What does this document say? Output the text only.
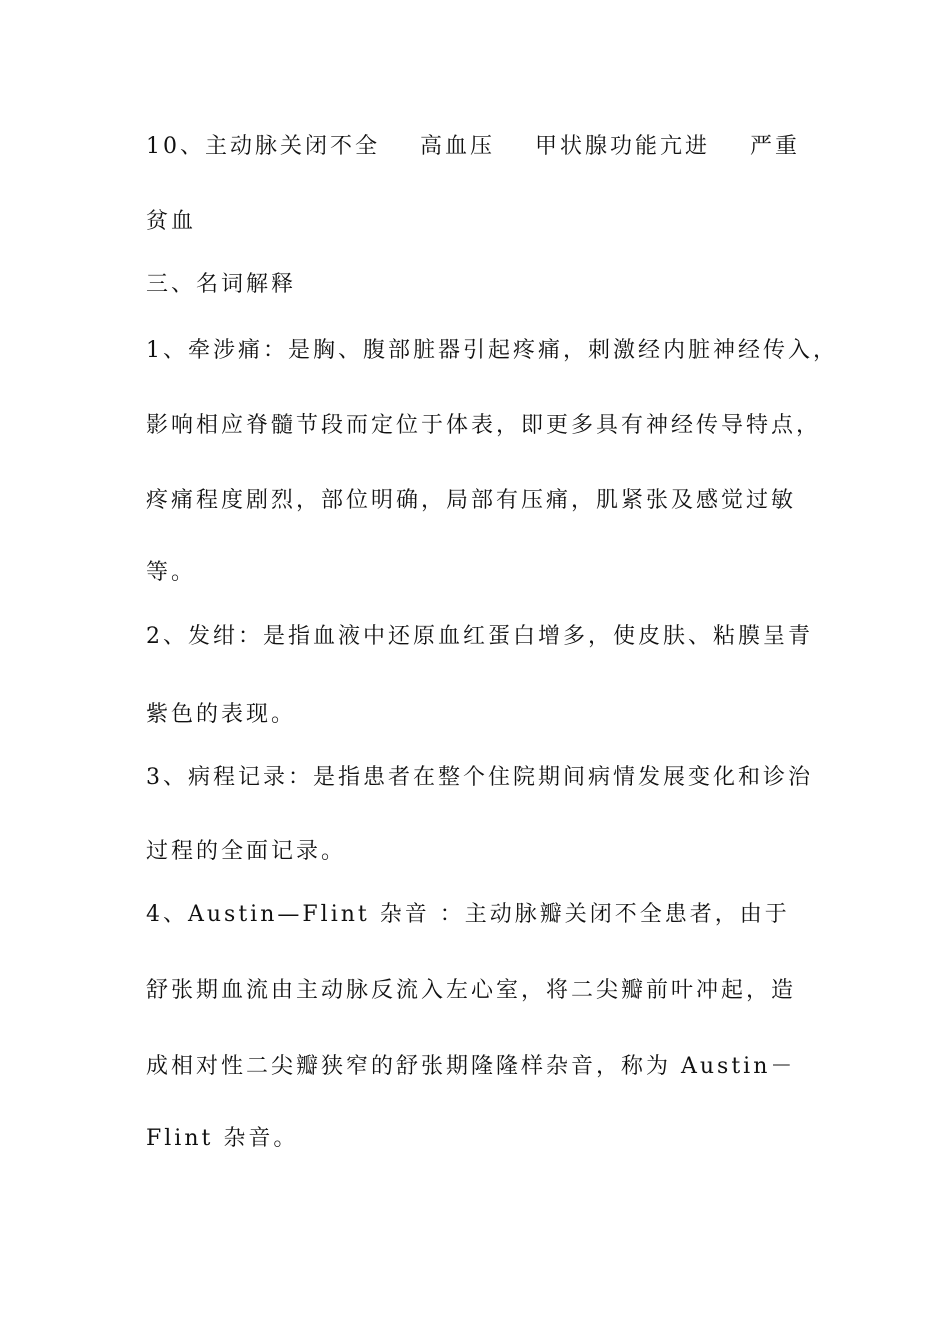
10、主动脉关闭不全 高血压 甲状腺功能亢进 严重
贫血
三、名词解释
1、牵涉痛：是胸、腹部脏器引起疼痛，刺激经内脏神经传入，
影响相应脊髓节段而定位于体表，即更多具有神经传导特点，
疼痛程度剧烈，部位明确，局部有压痛，肌紧张及感觉过敏
等。
2、发绀：是指血液中还原血红蛋白增多，使皮肤、粘膜呈青
紫色的表现。
3、病程记录：是指患者在整个住院期间病情发展变化和诊治
过程的全面记录。
4、Austin—Flint 杂音 ：主动脉瓣关闭不全患者，由于
舒张期血流由主动脉反流入左心室，将二尖瓣前叶冲起，造
成相对性二尖瓣狭窄的舒张期隆隆样杂音，称为 Austin－
Flint 杂音。
